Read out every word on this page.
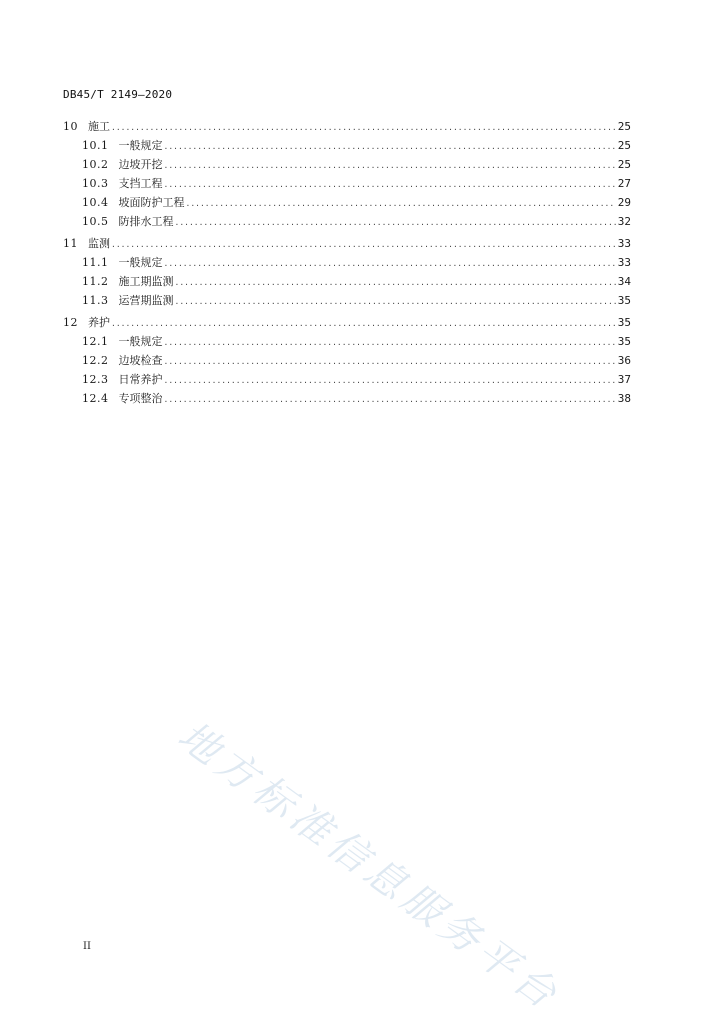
DB45/T 2149—2020
10 施工 .....	25
10.1 一般规定 .....	25
10.2 边坡开挖 .....	25
10.3 支挡工程 .....	27
10.4 坡面防护工程 .....	29
10.5 防排水工程 .....	32
11 监测 .....	33
11.1 一般规定 .....	33
11.2 施工期监测 .....	34
11.3 运营期监测 .....	35
12 养护 .....	35
12.1 一般规定 .....	35
12.2 边坡检查 .....	36
12.3 日常养护 .....	37
12.4 专项整治 .....	38
地方标准信息服务平台
II
